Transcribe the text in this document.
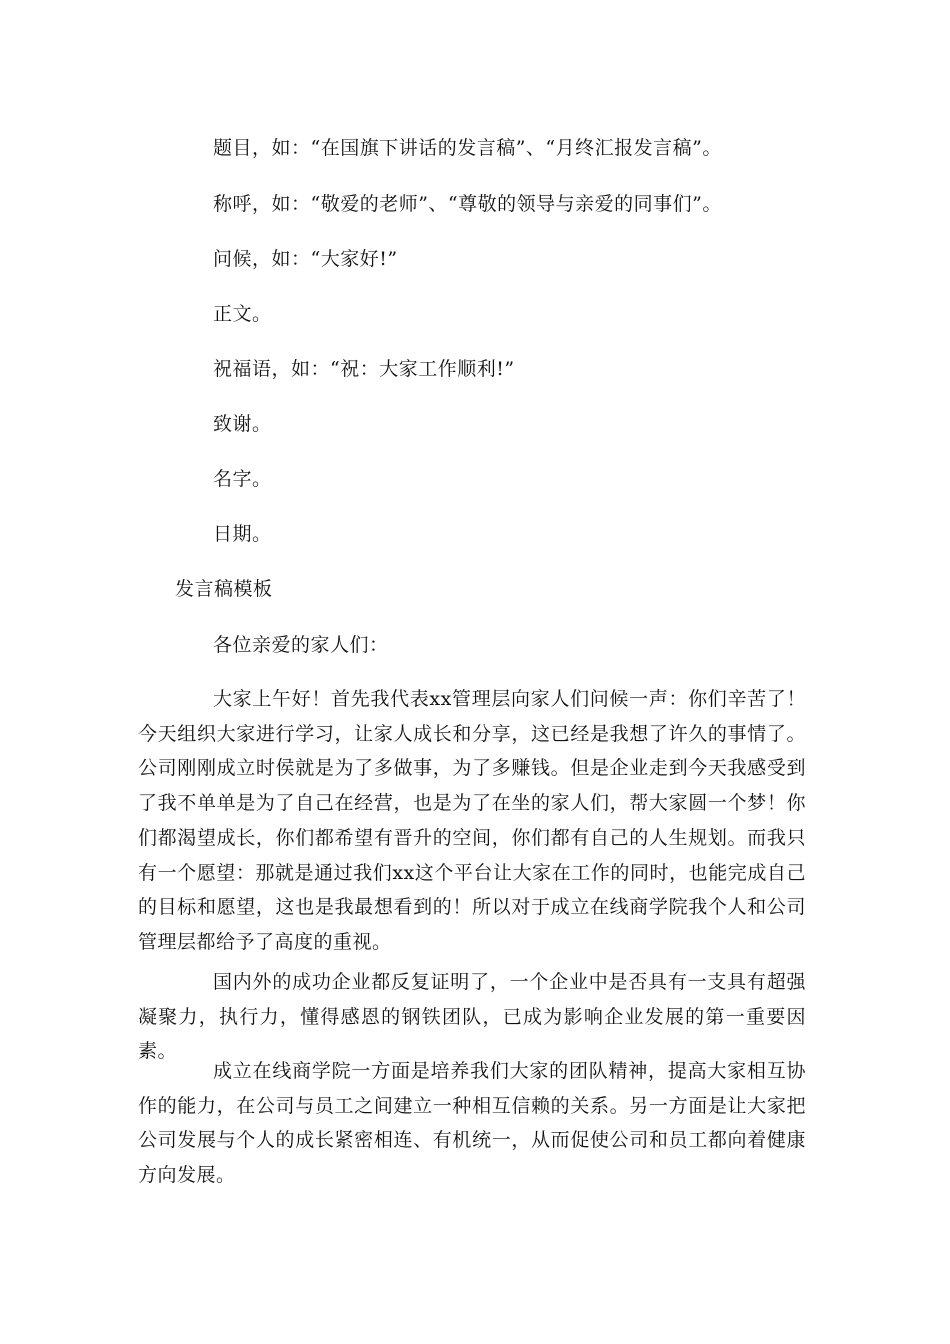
题目，如：“在国旗下讲话的发言稿”、“月终汇报发言稿”。
称呼，如：“敬爱的老师”、“尊敬的领导与亲爱的同事们”。
问候，如：“大家好!”
正文。
祝福语，如：“祝：大家工作顺利!”
致谢。
名字。
日期。
发言稿模板
各位亲爱的家人们：
大家上午好！首先我代表xx管理层向家人们问候一声：你们辛苦了！今天组织大家进行学习，让家人成长和分享，这已经是我想了许久的事情了。公司刚刚成立时侯就是为了多做事，为了多赚钱。但是企业走到今天我感受到了我不单单是为了自己在经营，也是为了在坐的家人们，帮大家圆一个梦！你们都渴望成长，你们都希望有晋升的空间，你们都有自己的人生规划。而我只有一个愿望：那就是通过我们xx这个平台让大家在工作的同时，也能完成自己的目标和愿望，这也是我最想看到的！所以对于成立在线商学院我个人和公司管理层都给予了高度的重视。
国内外的成功企业都反复证明了，一个企业中是否具有一支具有超强凝聚力，执行力，懂得感恩的钢铁团队，已成为影响企业发展的第一重要因素。
成立在线商学院一方面是培养我们大家的团队精神，提高大家相互协作的能力，在公司与员工之间建立一种相互信赖的关系。另一方面是让大家把公司发展与个人的成长紧密相连、有机统一，从而促使公司和员工都向着健康方向发展。
